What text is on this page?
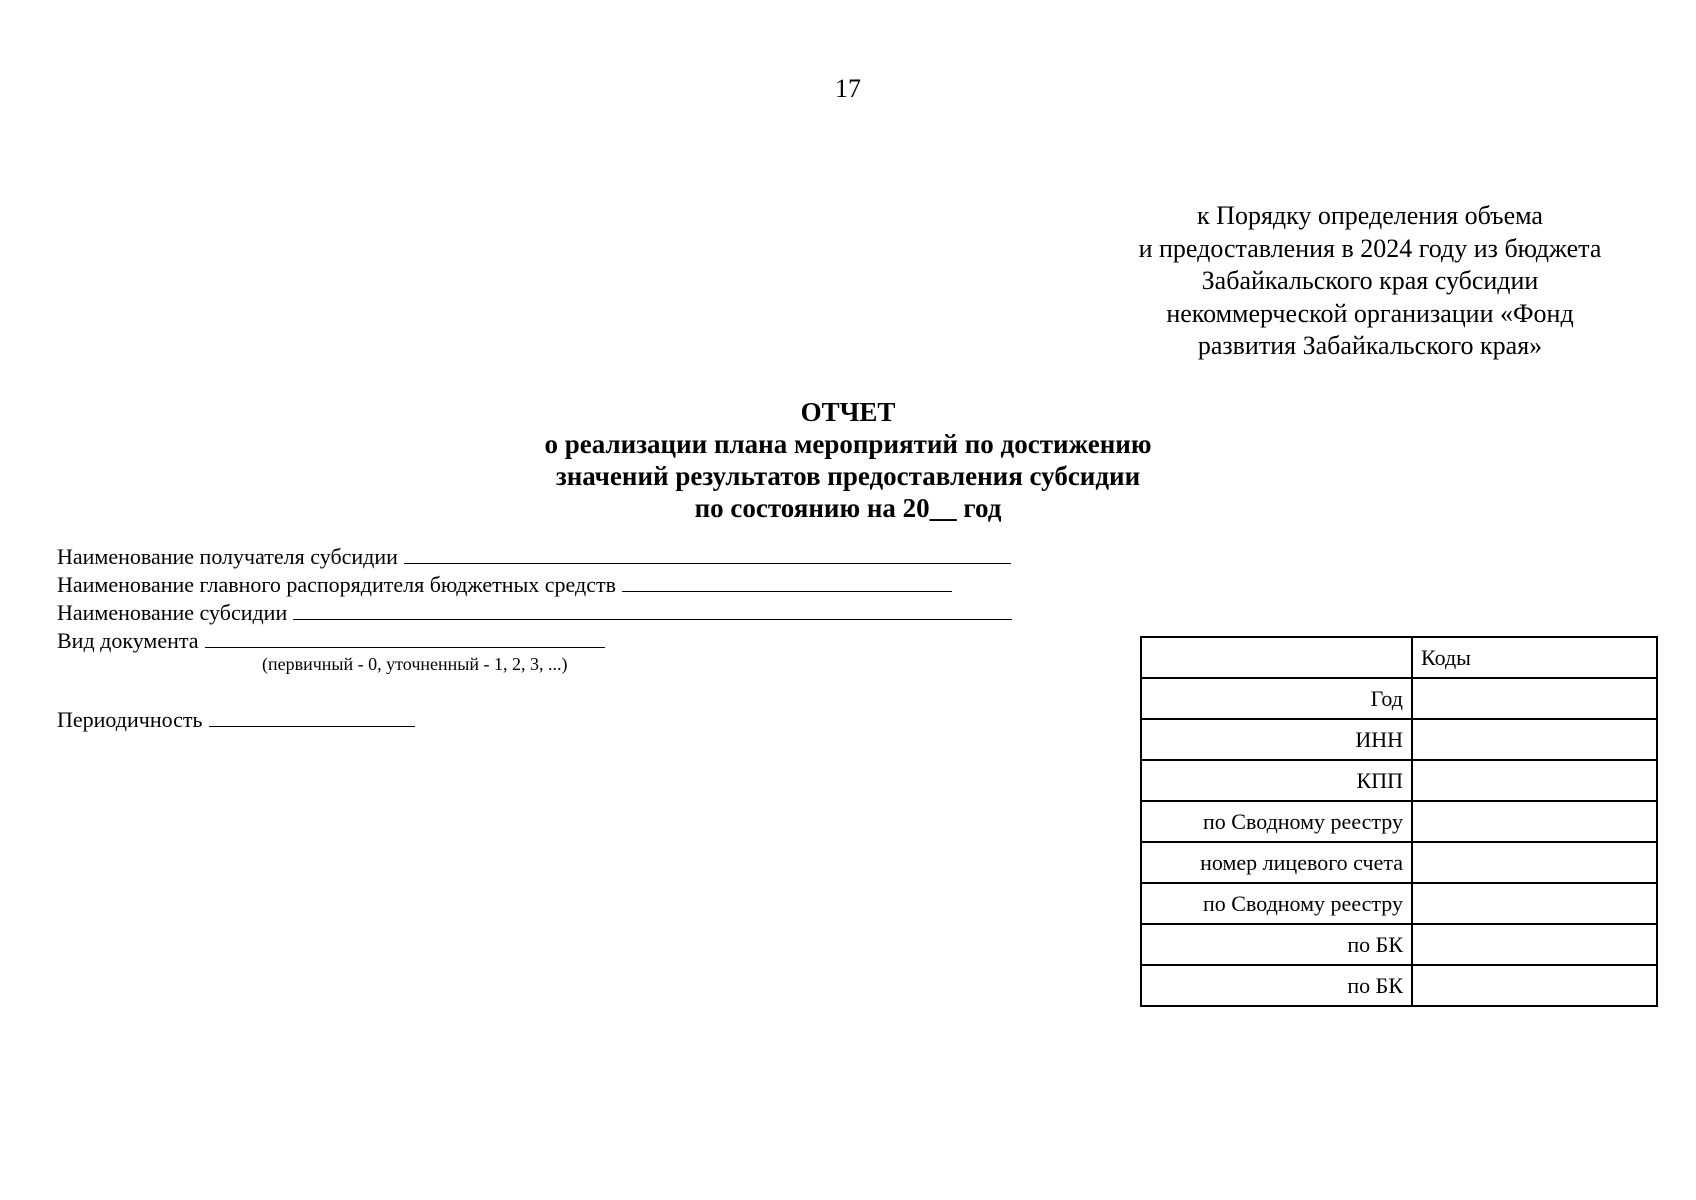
17
к Порядку определения объема
и предоставления в 2024 году из бюджета
Забайкальского края субсидии
некоммерческой организации «Фонд
развития Забайкальского края»
ОТЧЕТ
о реализации плана мероприятий по достижению
значений результатов предоставления субсидии
по состоянию на 20__ год
Наименование получателя субсидии
Наименование главного распорядителя бюджетных средств
Наименование субсидии
Вид документа
(первичный - 0, уточненный - 1, 2, 3, ...)
Периодичность
	Коды
Год	
ИНН	
КПП	
по Сводному реестру	
номер лицевого счета	
по Сводному реестру	
по БК	
по БК	
